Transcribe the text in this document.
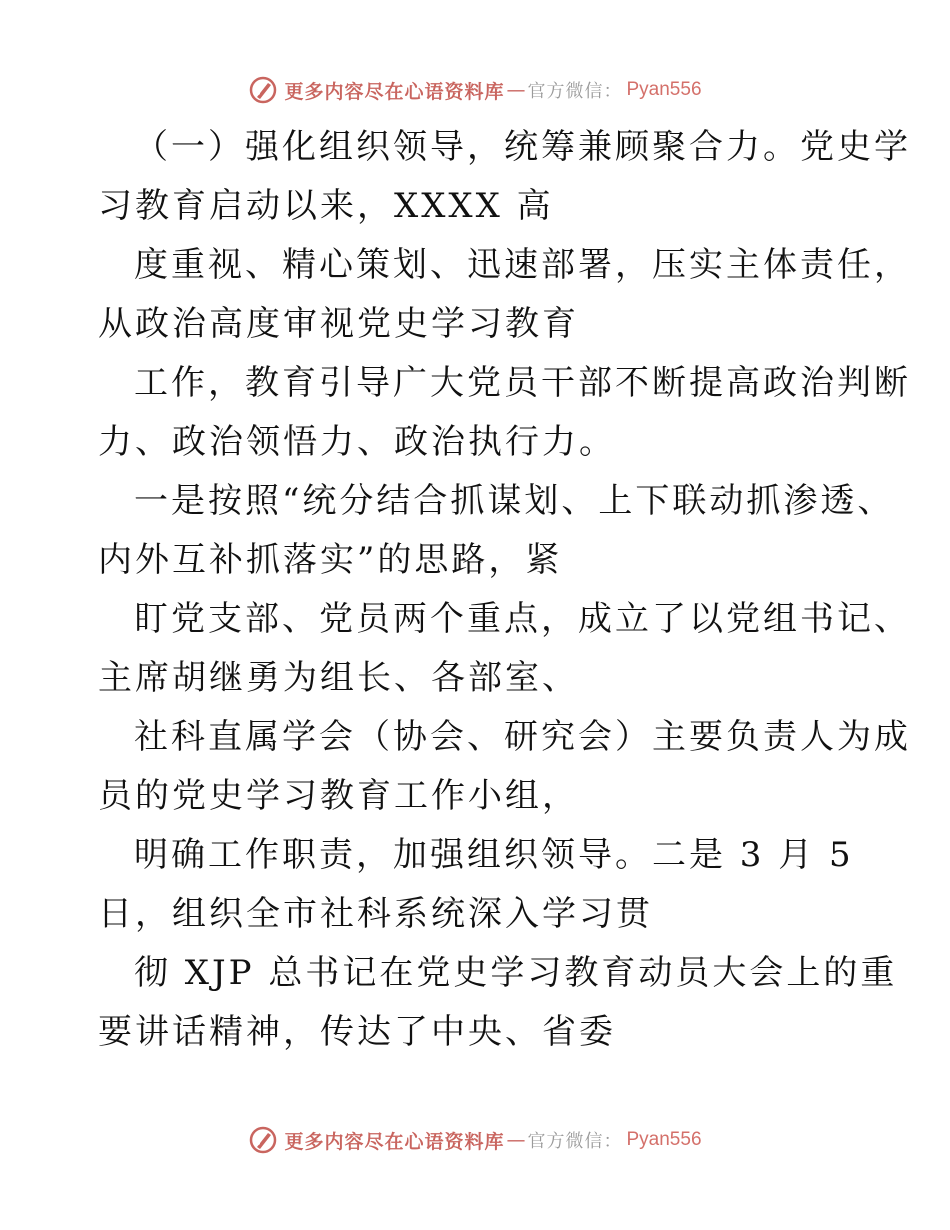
更多内容尽在心语资料库 — 官方微信： Pyan556
（一）强化组织领导，统筹兼顾聚合力。党史学
习教育启动以来，XXXX 高
度重视、精心策划、迅速部署，压实主体责任，
从政治高度审视党史学习教育
工作，教育引导广大党员干部不断提高政治判断
力、政治领悟力、政治执行力。
一是按照“统分结合抓谋划、上下联动抓渗透、
内外互补抓落实”的思路，紧
盯党支部、党员两个重点，成立了以党组书记、
主席胡继勇为组长、各部室、
社科直属学会（协会、研究会）主要负责人为成
员的党史学习教育工作小组，
明确工作职责，加强组织领导。二是 3 月 5
日，组织全市社科系统深入学习贯
彻 XJP 总书记在党史学习教育动员大会上的重
要讲话精神，传达了中央、省委
更多内容尽在心语资料库 — 官方微信： Pyan556
